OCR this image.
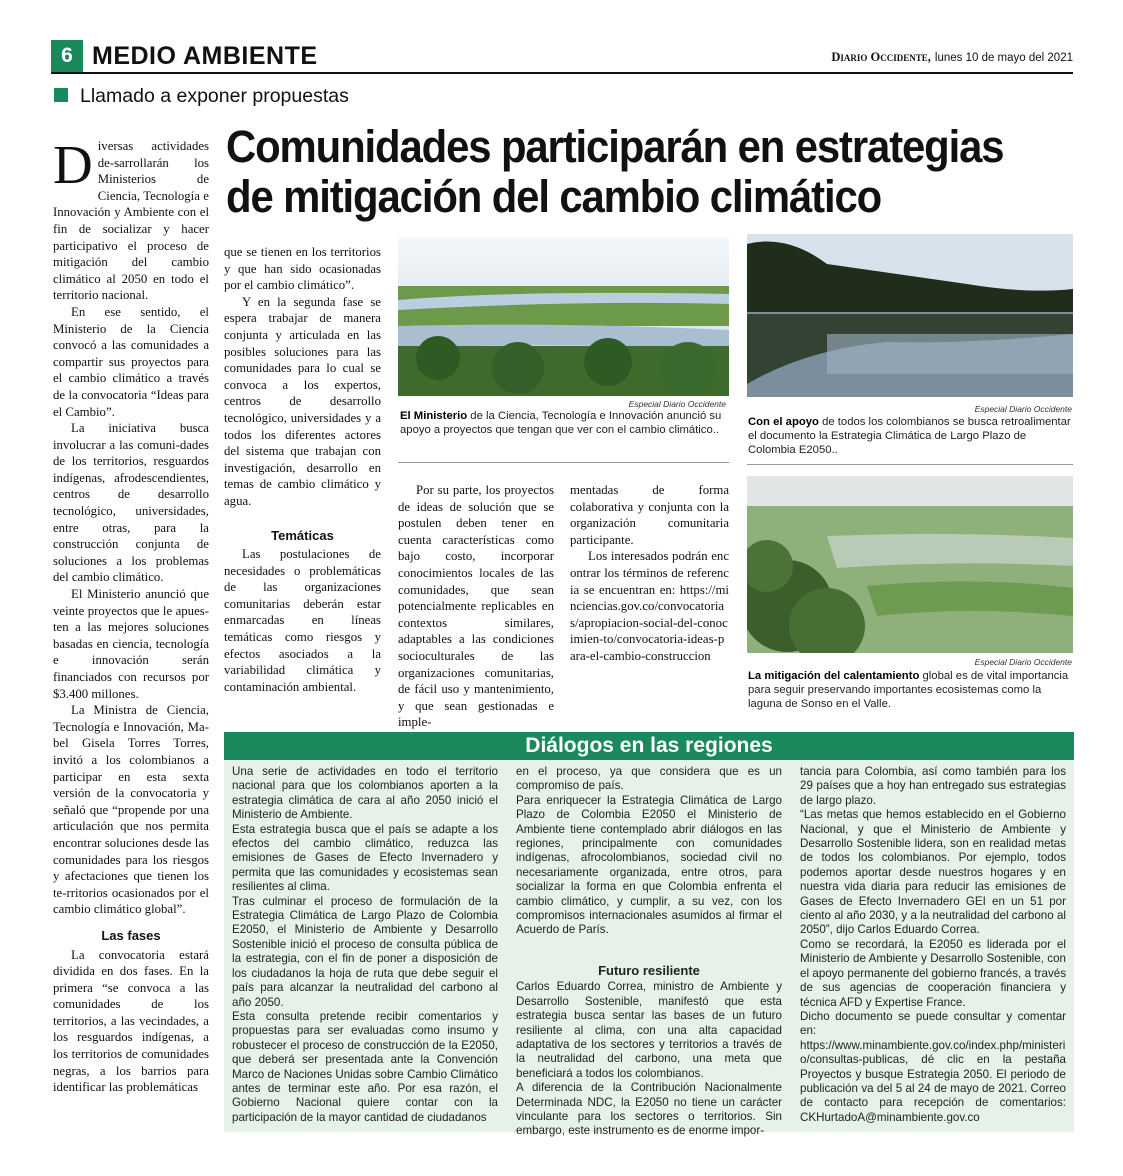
6 MEDIO AMBIENTE	Diario Occidente, lunes 10 de mayo del 2021
Llamado a exponer propuestas
Comunidades participarán en estrategias
de mitigación del cambio climático

Diversas actividades de-sarrollarán los Ministerios de Ciencia, Tecnología e Innovación y Ambiente con el fin de socializar y hacer participativo el proceso de mitigación del cambio climático al 2050 en todo el territorio nacional.

En ese sentido, el Ministerio de la Ciencia convocó a las comunidades a compartir sus proyectos para el cambio climático a través de la convocatoria “Ideas para el Cambio”.

La iniciativa busca involucrar a las comuni-dades de los territorios, resguardos indígenas, afrodescendientes, centros de desarrollo tecnológico, universidades, entre otras, para la construcción conjunta de soluciones a los problemas del cambio climático.

El Ministerio anunció que veinte proyectos que le apues-ten a las mejores soluciones basadas en ciencia, tecnología e innovación serán financiados con recursos por $3.400 millones.

La Ministra de Ciencia, Tecnología e Innovación, Ma-bel Gisela Torres Torres, invitó a los colombianos a participar en esta sexta versión de la convocatoria y señaló que “propende por una articulación que nos permita encontrar soluciones desde las comunidades para los riesgos y afectaciones que tienen los te-rritorios ocasionados por el cambio climático global”.

Las fases

La convocatoria estará dividida en dos fases. En la primera “se convoca a las comunidades de los territorios, a las vecindades, a los resguardos indígenas, a los territorios de comunidades negras, a los barrios para identificar las problemáticas

que se tienen en los territorios y que han sido ocasionadas por el cambio climático”.

Y en la segunda fase se espera trabajar de manera conjunta y articulada en las posibles soluciones para las comunidades para lo cual se convoca a los expertos, centros de desarrollo tecnológico, universidades y a todos los diferentes actores del sistema que trabajan con investigación, desarrollo en temas de cambio climático y agua.

Temáticas

Las postulaciones de necesidades o problemáticas de las organizaciones comunitarias deberán estar enmarcadas en líneas temáticas como riesgos y efectos asociados a la variabilidad climática y contaminación ambiental.

Especial Diario Occidente
El Ministerio de la Ciencia, Tecnología e Innovación anunció su apoyo a proyectos que tengan que ver con el cambio climático..

Por su parte, los proyectos de ideas de solución que se postulen deben tener en cuenta características como bajo costo, incorporar conocimientos locales de las comunidades, que sean potencialmente replicables en contextos similares, adaptables a las condiciones socioculturales de las organizaciones comunitarias, de fácil uso y mantenimiento, y que sean gestionadas e imple-

mentadas de forma colaborativa y conjunta con la organización comunitaria participante.

Los interesados podrán encontrar los términos de referencia se encuentran en: https://minciencias.gov.co/convocatorias/apropiacion-social-del-conocimien-to/convocatoria-ideas-para-el-cambio-construccion

Especial Diario Occidente
Con el apoyo de todos los colombianos se busca retroalimentar el documento la Estrategia Climática de Largo Plazo de Colombia E2050..
Especial Diario Occidente
La mitigación del calentamiento global es de vital importancia para seguir preservando importantes ecosistemas como la laguna de Sonso en el Valle.
Diálogos en las regiones

Una serie de actividades en todo el territorio nacional para que los colombianos aporten a la estrategia climática de cara al año 2050 inició el Ministerio de Ambiente.

Esta estrategia busca que el país se adapte a los efectos del cambio climático, reduzca las emisiones de Gases de Efecto Invernadero y permita que las comunidades y ecosistemas sean resilientes al clima.

Tras culminar el proceso de formulación de la Estrategia Climática de Largo Plazo de Colombia E2050, el Ministerio de Ambiente y Desarrollo Sostenible inició el proceso de consulta pública de la estrategia, con el fin de poner a disposición de los ciudadanos la hoja de ruta que debe seguir el país para alcanzar la neutralidad del carbono al año 2050.

Esta consulta pretende recibir comentarios y propuestas para ser evaluadas como insumo y robustecer el proceso de construcción de la E2050, que deberá ser presentada ante la Convención Marco de Naciones Unidas sobre Cambio Climático antes de terminar este año. Por esa razón, el Gobierno Nacional quiere contar con la participación de la mayor cantidad de ciudadanos

en el proceso, ya que considera que es un compromiso de país.

Para enriquecer la Estrategia Climática de Largo Plazo de Colombia E2050 el Ministerio de Ambiente tiene contemplado abrir diálogos en las regiones, principalmente con comunidades indígenas, afrocolombianos, sociedad civil no necesariamente organizada, entre otros, para socializar la forma en que Colombia enfrenta el cambio climático, y cumplir, a su vez, con los compromisos internacionales asumidos al firmar el Acuerdo de París.

Futuro resiliente

Carlos Eduardo Correa, ministro de Ambiente y Desarrollo Sostenible, manifestó que esta estrategia busca sentar las bases de un futuro resiliente al clima, con una alta capacidad adaptativa de los sectores y territorios a través de la neutralidad del carbono, una meta que beneficiará a todos los colombianos.

A diferencia de la Contribución Nacionalmente Determinada NDC, la E2050 no tiene un carácter vinculante para los sectores o territorios. Sin embargo, este instrumento es de enorme impor-

tancia para Colombia, así como también para los 29 países que a hoy han entregado sus estrategias de largo plazo.

“Las metas que hemos establecido en el Gobierno Nacional, y que el Ministerio de Ambiente y Desarrollo Sostenible lidera, son en realidad metas de todos los colombianos. Por ejemplo, todos podemos aportar desde nuestros hogares y en nuestra vida diaria para reducir las emisiones de Gases de Efecto Invernadero GEI en un 51 por ciento al año 2030, y a la neutralidad del carbono al 2050”, dijo Carlos Eduardo Correa.

Como se recordará, la E2050 es liderada por el Ministerio de Ambiente y Desarrollo Sostenible, con el apoyo permanente del gobierno francés, a través de sus agencias de cooperación financiera y técnica AFD y Expertise France.

Dicho documento se puede consultar y comentar en: https://www.minambiente.gov.co/index.php/ministerio/consultas-publicas, dé clic en la pestaña Proyectos y busque Estrategia 2050. El periodo de publicación va del 5 al 24 de mayo de 2021. Correo de contacto para recepción de comentarios: CKHurtadoA@minambiente.gov.co
